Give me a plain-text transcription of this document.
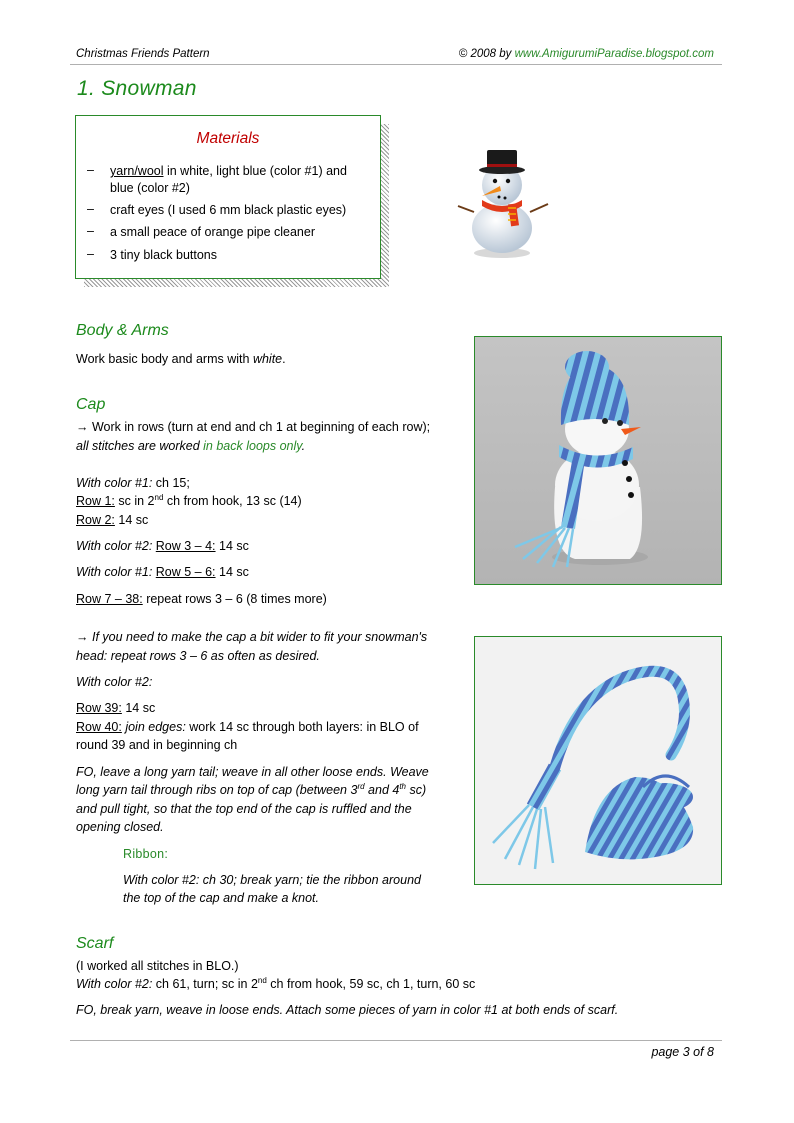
Christmas Friends Pattern	© 2008 by www.AmigurumiParadise.blogspot.com
1. Snowman
Materials
– yarn/wool in white, light blue (color #1) and
blue (color #2)
– craft eyes (I used 6 mm black plastic eyes)
– a small peace of orange pipe cleaner
– 3 tiny black buttons
Body & Arms
Work basic body and arms with white.
Cap
→ Work in rows (turn at end and ch 1 at beginning of each row);
all stitches are worked in back loops only.
With color #1: ch 15;
Row 1: sc in 2nd ch from hook, 13 sc (14)
Row 2: 14 sc
With color #2: Row 3 – 4: 14 sc
With color #1: Row 5 – 6: 14 sc
Row 7 – 38: repeat rows 3 – 6 (8 times more)
→ If you need to make the cap a bit wider to fit your snowman's
head: repeat rows 3 – 6 as often as desired.
With color #2:
Row 39: 14 sc
Row 40: join edges: work 14 sc through both layers: in BLO of
round 39 and in beginning ch
FO, leave a long yarn tail; weave in all other loose ends. Weave
long yarn tail through ribs on top of cap (between 3rd and 4th sc)
and pull tight, so that the top end of the cap is ruffled and the
opening closed.
Ribbon:
With color #2: ch 30; break yarn; tie the ribbon around
the top of the cap and make a knot.
Scarf
(I worked all stitches in BLO.)
With color #2: ch 61, turn; sc in 2nd ch from hook, 59 sc, ch 1, turn, 60 sc
FO, break yarn, weave in loose ends. Attach some pieces of yarn in color #1 at both ends of scarf.
page 3 of 8
